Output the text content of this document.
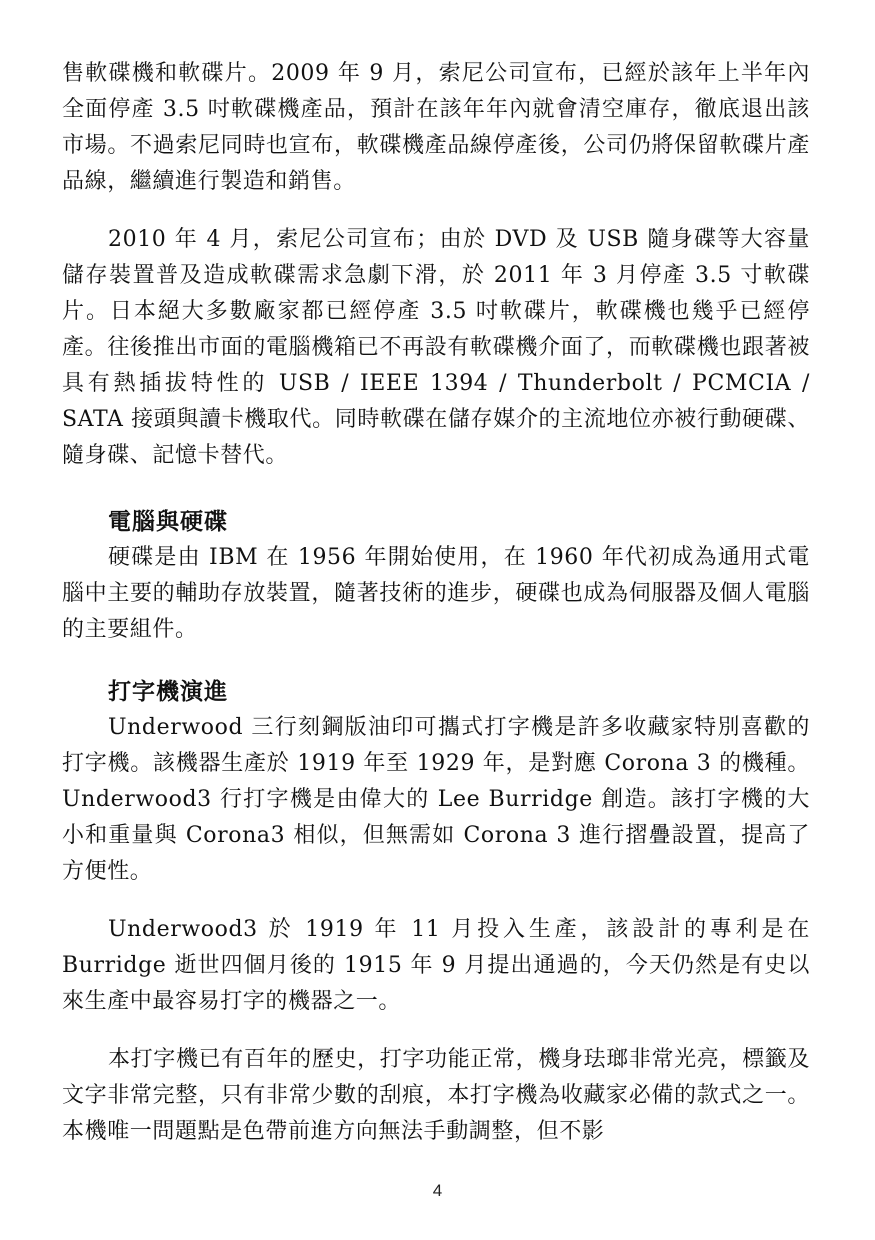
售軟碟機和軟碟片。2009 年 9 月，索尼公司宣布，已經於該年上半年內全面停產 3.5 吋軟碟機產品，預計在該年年內就會清空庫存，徹底退出該市場。不過索尼同時也宣布，軟碟機產品線停產後，公司仍將保留軟碟片產品線，繼續進行製造和銷售。

2010 年 4 月，索尼公司宣布；由於 DVD 及 USB 隨身碟等大容量儲存裝置普及造成軟碟需求急劇下滑，於 2011 年 3 月停產 3.5 寸軟碟片。日本絕大多數廠家都已經停產 3.5 吋軟碟片，軟碟機也幾乎已經停產。往後推出市面的電腦機箱已不再設有軟碟機介面了，而軟碟機也跟著被具有熱插拔特性的 USB / IEEE 1394 / Thunderbolt / PCMCIA / SATA 接頭與讀卡機取代。同時軟碟在儲存媒介的主流地位亦被行動硬碟、隨身碟、記憶卡替代。

電腦與硬碟

硬碟是由 IBM 在 1956 年開始使用，在 1960 年代初成為通用式電腦中主要的輔助存放裝置，隨著技術的進步，硬碟也成為伺服器及個人電腦的主要組件。

打字機演進

Underwood 三行刻鋼版油印可攜式打字機是許多收藏家特別喜歡的打字機。該機器生產於 1919 年至 1929 年，是對應 Corona 3 的機種。Underwood3 行打字機是由偉大的 Lee Burridge 創造。該打字機的大小和重量與 Corona3 相似，但無需如 Corona 3 進行摺疊設置，提高了方便性。

Underwood3 於 1919 年 11 月投入生產，該設計的專利是在 Burridge 逝世四個月後的 1915 年 9 月提出通過的，今天仍然是有史以來生產中最容易打字的機器之一。

本打字機已有百年的歷史，打字功能正常，機身珐瑯非常光亮，標籤及文字非常完整，只有非常少數的刮痕，本打字機為收藏家必備的款式之一。本機唯一問題點是色帶前進方向無法手動調整，但不影

4
